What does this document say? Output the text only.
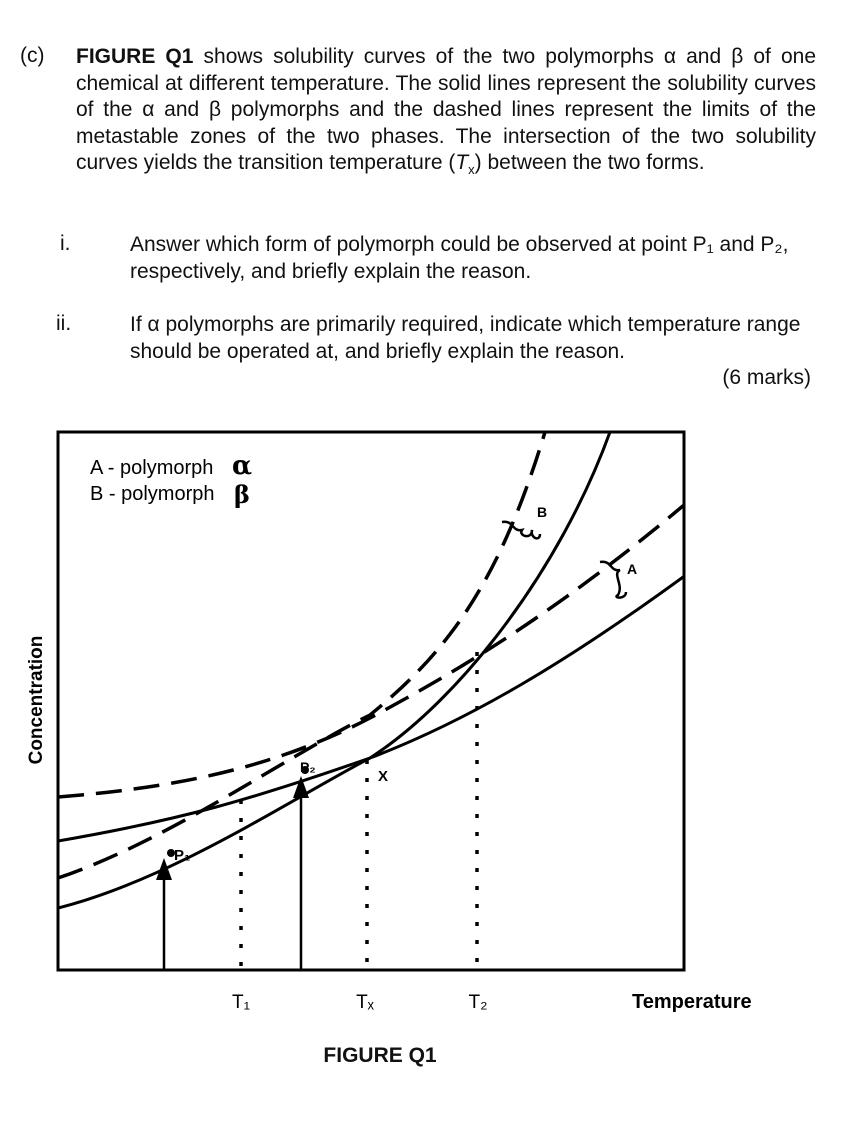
(c) FIGURE Q1 shows solubility curves of the two polymorphs α and β of one chemical at different temperature. The solid lines represent the solubility curves of the α and β polymorphs and the dashed lines represent the limits of the metastable zones of the two phases. The intersection of the two solubility curves yields the transition temperature $(T_x)$ between the two forms.
i.	Answer which form of polymorph could be observed at point P₁ and P₂, respectively, and briefly explain the reason.
ii.	If α polymorphs are primarily required, indicate which temperature range should be operated at, and briefly explain the reason.
(6 marks)
P₁
P₂
X
A
B
A - polymorph α
B - polymorph β
Concentration
Temperature
T₁	Tₓ	T₂
FIGURE Q1
